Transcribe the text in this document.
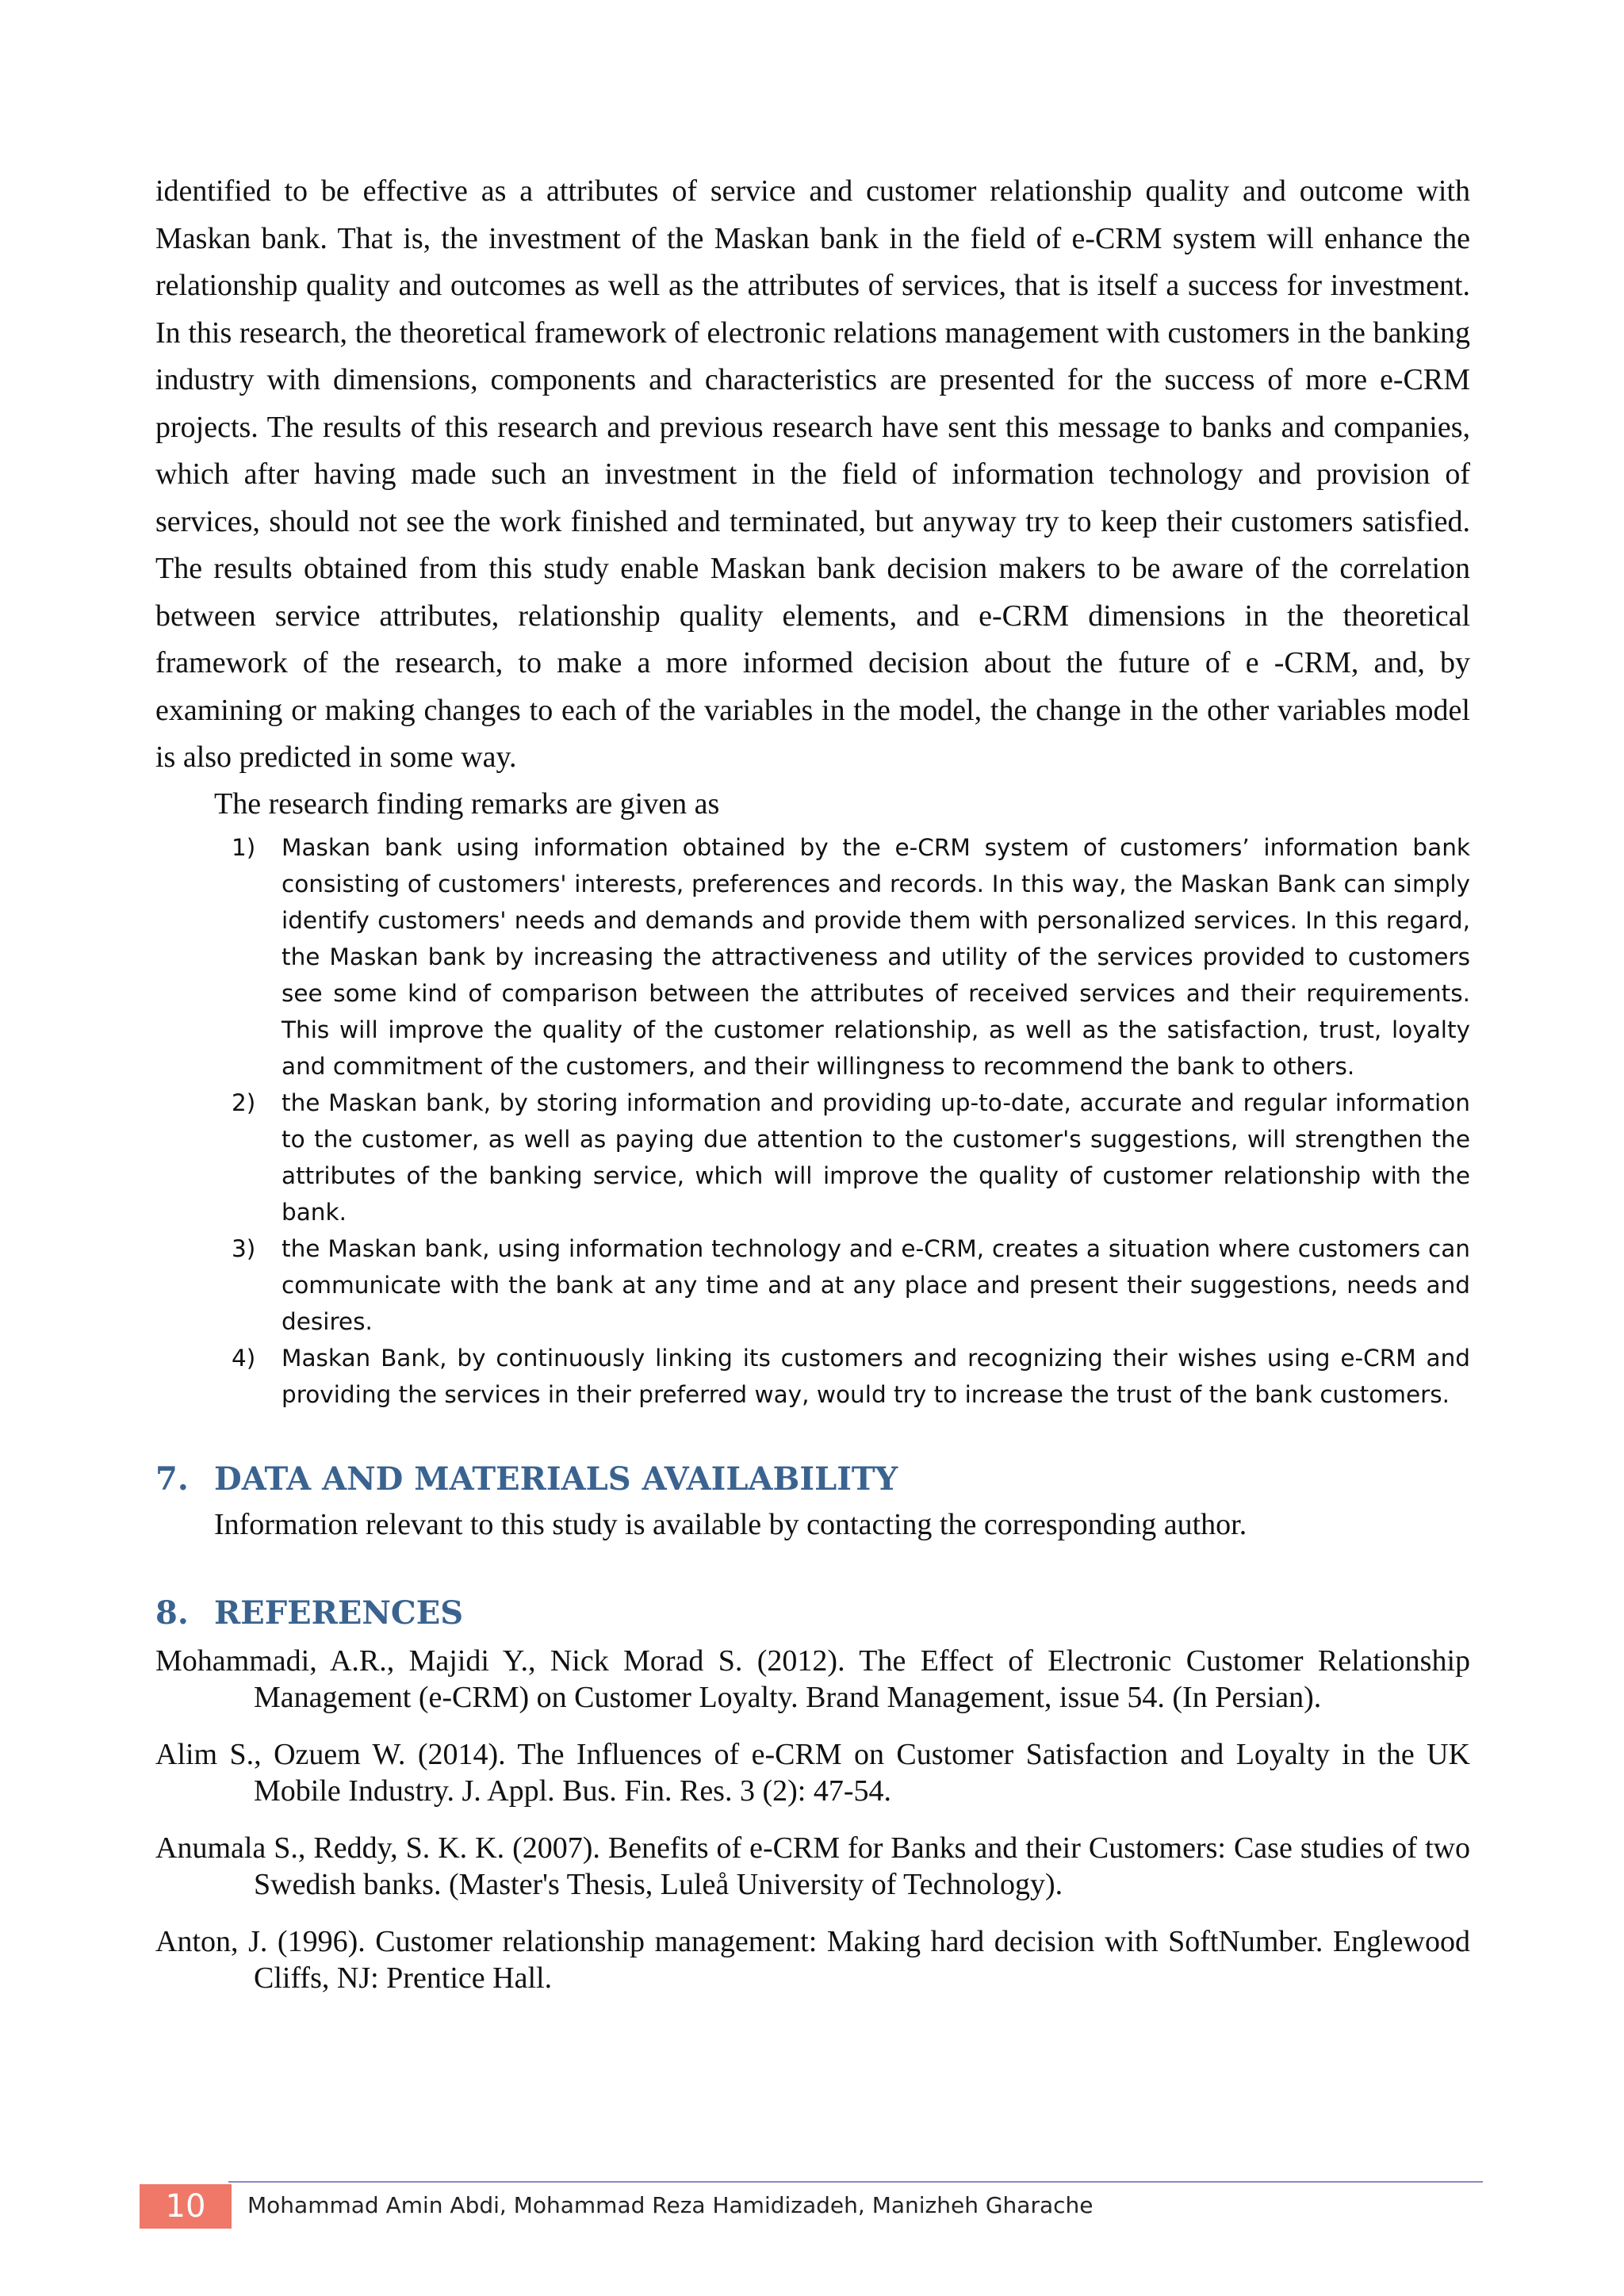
identified to be effective as a attributes of service and customer relationship quality and outcome with Maskan bank. That is, the investment of the Maskan bank in the field of e-CRM system will enhance the relationship quality and outcomes as well as the attributes of services, that is itself a success for investment. In this research, the theoretical framework of electronic relations management with customers in the banking industry with dimensions, components and characteristics are presented for the success of more e-CRM projects. The results of this research and previous research have sent this message to banks and companies, which after having made such an investment in the field of information technology and provision of services, should not see the work finished and terminated, but anyway try to keep their customers satisfied. The results obtained from this study enable Maskan bank decision makers to be aware of the correlation between service attributes, relationship quality elements, and e-CRM dimensions in the theoretical framework of the research, to make a more informed decision about the future of e -CRM, and, by examining or making changes to each of the variables in the model, the change in the other variables model is also predicted in some way.

The research finding remarks are given as

1) Maskan bank using information obtained by the e-CRM system of customers’ information bank consisting of customers' interests, preferences and records. In this way, the Maskan Bank can simply identify customers' needs and demands and provide them with personalized services. In this regard, the Maskan bank by increasing the attractiveness and utility of the services provided to customers see some kind of comparison between the attributes of received services and their requirements. This will improve the quality of the customer relationship, as well as the satisfaction, trust, loyalty and commitment of the customers, and their willingness to recommend the bank to others.
2) the Maskan bank, by storing information and providing up-to-date, accurate and regular information to the customer, as well as paying due attention to the customer's suggestions, will strengthen the attributes of the banking service, which will improve the quality of customer relationship with the bank.
3) the Maskan bank, using information technology and e-CRM, creates a situation where customers can communicate with the bank at any time and at any place and present their suggestions, needs and desires.
4) Maskan Bank, by continuously linking its customers and recognizing their wishes using e-CRM and providing the services in their preferred way, would try to increase the trust of the bank customers.
7. DATA AND MATERIALS AVAILABILITY

Information relevant to this study is available by contacting the corresponding author.

8. REFERENCES
Mohammadi, A.R., Majidi Y., Nick Morad S. (2012). The Effect of Electronic Customer Relationship Management (e-CRM) on Customer Loyalty. Brand Management, issue 54. (In Persian).
Alim S., Ozuem W. (2014). The Influences of e-CRM on Customer Satisfaction and Loyalty in the UK Mobile Industry. J. Appl. Bus. Fin. Res. 3 (2): 47-54.
Anumala S., Reddy, S. K. K. (2007). Benefits of e-CRM for Banks and their Customers: Case studies of two Swedish banks. (Master's Thesis, Luleå University of Technology).
Anton, J. (1996). Customer relationship management: Making hard decision with SoftNumber. Englewood Cliffs, NJ: Prentice Hall.
10	Mohammad Amin Abdi, Mohammad Reza Hamidizadeh, Manizheh Gharache
